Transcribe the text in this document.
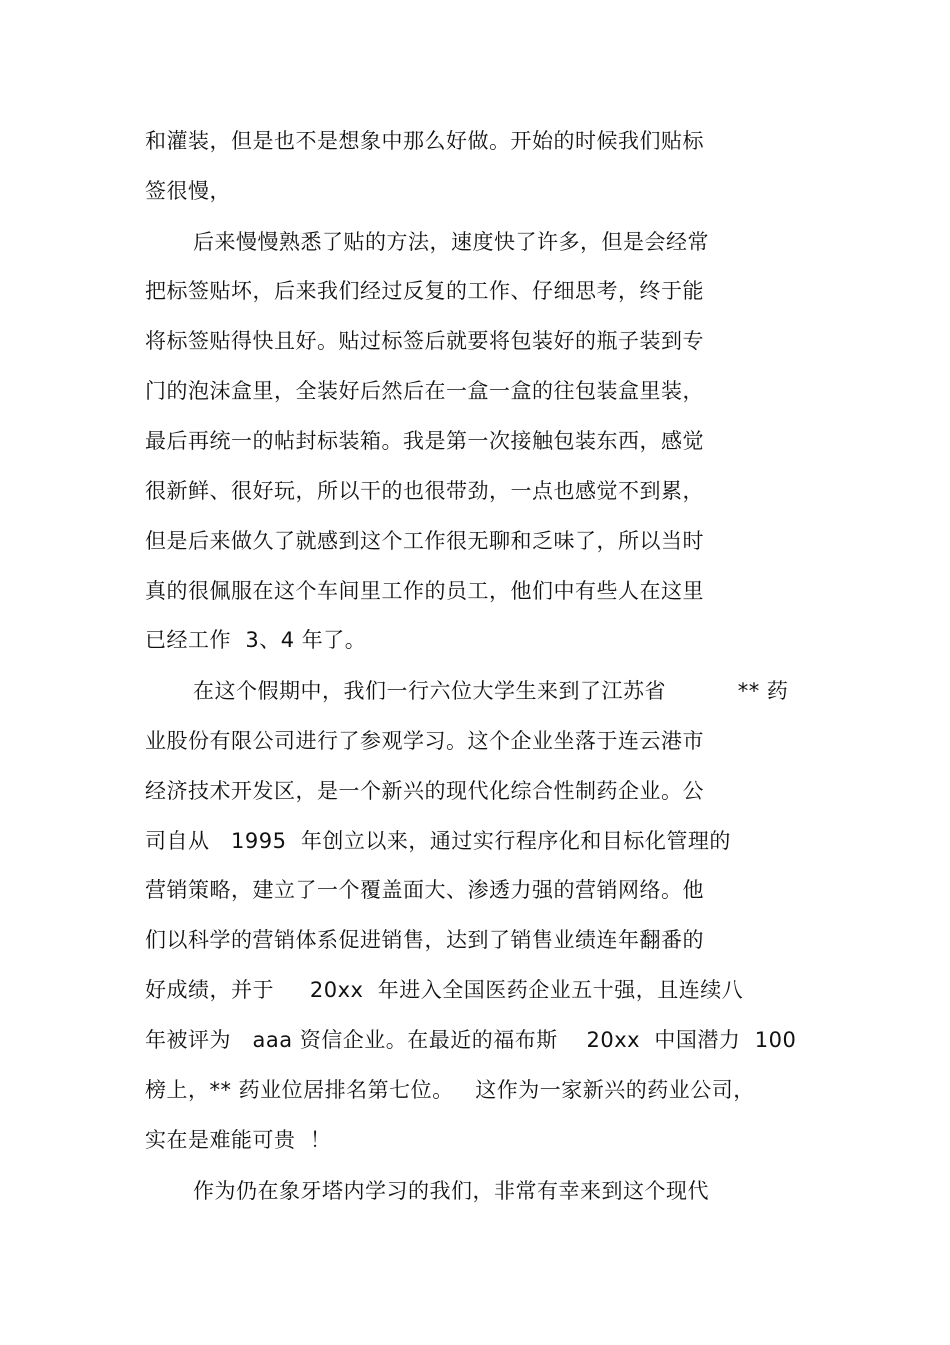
和灌装，但是也不是想象中那么好做。开始的时候我们贴标
签很慢，
后来慢慢熟悉了贴的方法，速度快了许多，但是会经常
把标签贴坏，后来我们经过反复的工作、仔细思考，终于能
将标签贴得快且好。贴过标签后就要将包装好的瓶子装到专
门的泡沫盒里，全装好后然后在一盒一盒的往包装盒里装，
最后再统一的帖封标装箱。我是第一次接触包装东西，感觉
很新鲜、很好玩，所以干的也很带劲，一点也感觉不到累，
但是后来做久了就感到这个工作很无聊和乏味了，所以当时
真的很佩服在这个车间里工作的员工，他们中有些人在这里
已经工作  3、4 年了。
在这个假期中，我们一行六位大学生来到了江苏省          ** 药
业股份有限公司进行了参观学习。这个企业坐落于连云港市
经济技术开发区，是一个新兴的现代化综合性制药企业。公
司自从   1995  年创立以来，通过实行程序化和目标化管理的
营销策略，建立了一个覆盖面大、渗透力强的营销网络。他
们以科学的营销体系促进销售，达到了销售业绩连年翻番的
好成绩，并于     20xx  年进入全国医药企业五十强，且连续八
年被评为   aaa 资信企业。在最近的福布斯    20xx  中国潜力  100
榜上，** 药业位居排名第七位。   这作为一家新兴的药业公司，
实在是难能可贵  ！
作为仍在象牙塔内学习的我们，非常有幸来到这个现代
